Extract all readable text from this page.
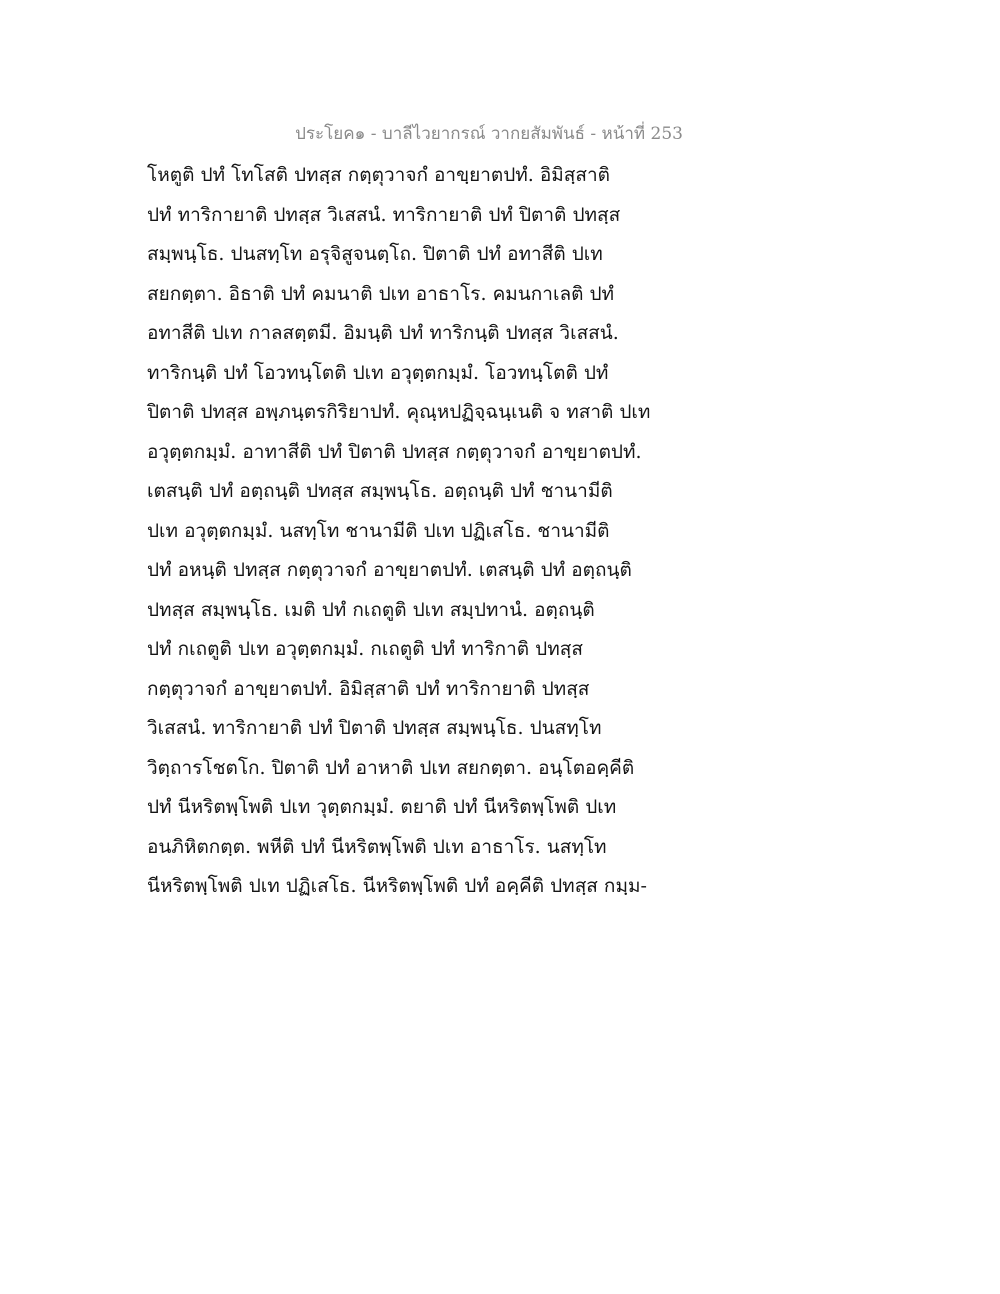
ประโยค๑ - บาลีไวยากรณ์ วากยสัมพันธ์ - หน้าที่ 253
โหตูติ ปทํ โทโสติ ปทสฺส กตฺตุวาจกํ อาขฺยาตปทํ. อิมิสฺสาติ
ปทํ ทาริกายาติ ปทสฺส วิเสสนํ. ทาริกายาติ ปทํ ปิตาติ ปทสฺส
สมฺพนฺโธ. ปนสทฺโท อรุจิสูจนตฺโถ. ปิตาติ ปทํ อทาสีติ ปเท
สยกตฺตา. อิธาติ ปทํ คมนาติ ปเท อาธาโร. คมนกาเลติ ปทํ
อทาสีติ ปเท กาลสตฺตมี. อิมนฺติ ปทํ ทาริกนฺติ ปทสฺส วิเสสนํ.
ทาริกนฺติ ปทํ โอวทนฺโตติ ปเท อวุตฺตกมฺมํ. โอวทนฺโตติ ปทํ
ปิตาติ ปทสฺส อพฺภนฺตรกิริยาปทํ. คุณฺหปฏิจฺฉนฺเนติ จ ทสาติ ปเท
อวุตฺตกมฺมํ. อาทาสีติ ปทํ ปิตาติ ปทสฺส กตฺตุวาจกํ อาขฺยาตปทํ.
เตสนฺติ ปทํ อตฺถนฺติ ปทสฺส สมฺพนฺโธ. อตฺถนฺติ ปทํ ชานามีติ
ปเท อวุตฺตกมฺมํ. นสทฺโท ชานามีติ ปเท ปฏิเสโธ. ชานามีติ
ปทํ อหนฺติ ปทสฺส กตฺตุวาจกํ อาขฺยาตปทํ. เตสนฺติ ปทํ อตฺถนฺติ
ปทสฺส สมฺพนฺโธ. เมติ ปทํ กเถตูติ ปเท สมฺปทานํ. อตฺถนฺติ
ปทํ กเถตูติ ปเท อวุตฺตกมฺมํ. กเถตูติ ปทํ ทาริกาติ ปทสฺส
กตฺตุวาจกํ อาขฺยาตปทํ. อิมิสฺสาติ ปทํ ทาริกายาติ ปทสฺส
วิเสสนํ. ทาริกายาติ ปทํ ปิตาติ ปทสฺส สมฺพนฺโธ. ปนสทฺโท
วิตฺถารโชตโก. ปิตาติ ปทํ อาหาติ ปเท สยกตฺตา. อนฺโตอคฺคีติ
ปทํ นีหริตพฺโพติ ปเท วุตฺตกมฺมํ. ตยาติ ปทํ นีหริตพฺโพติ ปเท
อนภิหิตกตฺต. พหีติ ปทํ นีหริตพฺโพติ ปเท อาธาโร. นสทฺโท
นีหริตพฺโพติ ปเท ปฏิเสโธ. นีหริตพฺโพติ ปทํ อคฺคีติ ปทสฺส กมฺม-
